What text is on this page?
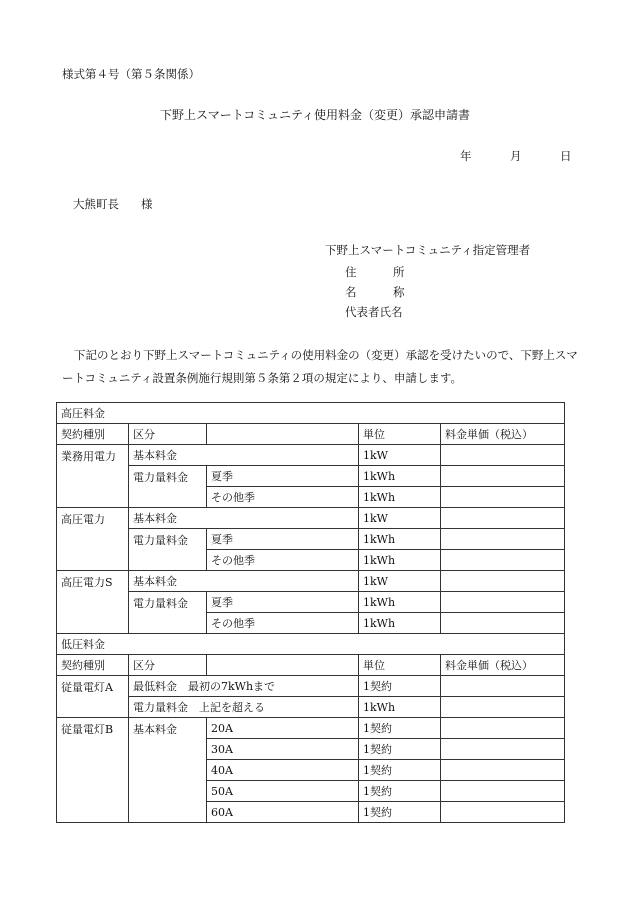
様式第４号（第５条関係）
下野上スマートコミュニティ使用料金（変更）承認申請書
年	月	日
大熊町長 様
下野上スマートコミュニティ指定管理者
住	所
名	称
代表者氏名
下記のとおり下野上スマートコミュニティの使用料金の（変更）承認を受けたいので、下野上スマートコミュニティ設置条例施行規則第５条第２項の規定により、申請します。
高圧料金				
契約種別	区分		単位	料金単価（税込）
業務用電力	基本料金		1kW	
	電力量料金	夏季	1kWh	
		その他季	1kWh	
高圧電力	基本料金		1kW	
	電力量料金	夏季	1kWh	
		その他季	1kWh	
高圧電力S	基本料金		1kW	
	電力量料金	夏季	1kWh	
		その他季	1kWh	
低圧料金				
契約種別	区分		単位	料金単価（税込）
従量電灯A	最低料金　最初の7kWhまで		1契約	
	電力量料金　上記を超える		1kWh	
従量電灯B	基本料金	20A	1契約	
		30A	1契約	
		40A	1契約	
		50A	1契約	
		60A	1契約	
